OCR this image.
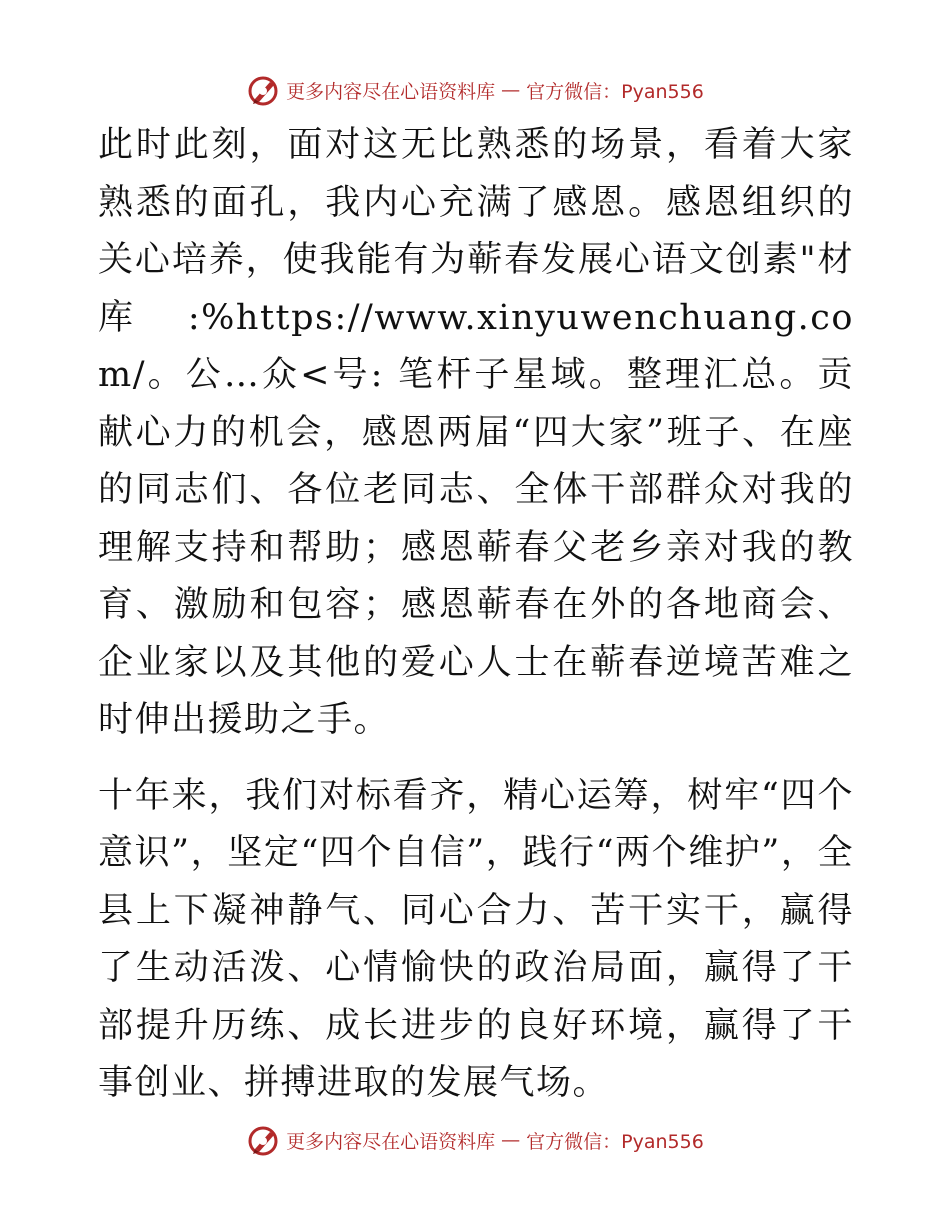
更多内容尽在心语资料库 — 官方微信：Pyan556

此时此刻，面对这无比熟悉的场景，看着大家熟悉的面孔，我内心充满了感恩。感恩组织的关心培养，使我能有为蕲春发展心语文创素"材库:%https://www.xinyuwenchuang.com/。公…众<号: 笔杆子星域。整理汇总。贡献心力的机会，感恩两届“四大家”班子、在座的同志们、各位老同志、全体干部群众对我的理解支持和帮助；感恩蕲春父老乡亲对我的教育、激励和包容；感恩蕲春在外的各地商会、企业家以及其他的爱心人士在蕲春逆境苦难之时伸出援助之手。

十年来，我们对标看齐，精心运筹，树牢“四个意识”，坚定“四个自信”，践行“两个维护”，全县上下凝神静气、同心合力、苦干实干，赢得了生动活泼、心情愉快的政治局面，赢得了干部提升历练、成长进步的良好环境，赢得了干事创业、拼搏进取的发展气场。

更多内容尽在心语资料库 — 官方微信：Pyan556
